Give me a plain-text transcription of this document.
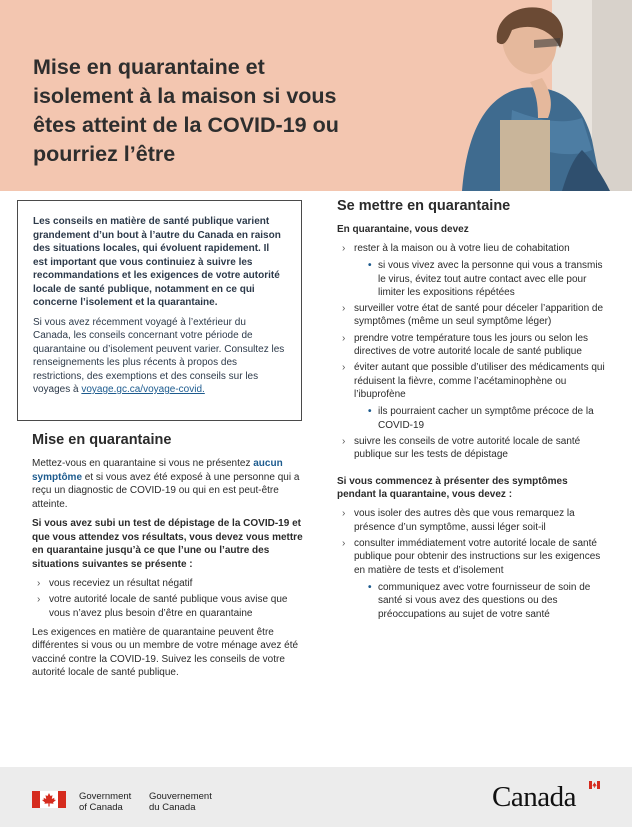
Mise en quarantaine et isolement à la maison si vous êtes atteint de la COVID-19 ou pourriez l’être

Les conseils en matière de santé publique varient grandement d’un bout à l’autre du Canada en raison des situations locales, qui évoluent rapidement. Il est important que vous continuiez à suivre les recommandations et les exigences de votre autorité locale de santé publique, notamment en ce qui concerne l’isolement et la quarantaine.

Si vous avez récemment voyagé à l’extérieur du Canada, les conseils concernant votre période de quarantaine ou d’isolement peuvent varier. Consultez les renseignements les plus récents à propos des restrictions, des exemptions et des conseils sur les voyages à voyage.gc.ca/voyage-covid.

Mise en quarantaine

Mettez-vous en quarantaine si vous ne présentez aucun symptôme et si vous avez été exposé à une personne qui a reçu un diagnostic de COVID-19 ou qui en est peut-être atteinte.

Si vous avez subi un test de dépistage de la COVID-19 et que vous attendez vos résultats, vous devez vous mettre en quarantaine jusqu’à ce que l’une ou l’autre des situations suivantes se présente :

› vous receviez un résultat négatif
› votre autorité locale de santé publique vous avise que vous n’avez plus besoin d’être en quarantaine

Les exigences en matière de quarantaine peuvent être différentes si vous ou un membre de votre ménage avez été vacciné contre la COVID-19. Suivez les conseils de votre autorité locale de santé publique.

Se mettre en quarantaine

En quarantaine, vous devez

› rester à la maison ou à votre lieu de cohabitation
• si vous vivez avec la personne qui vous a transmis le virus, évitez tout autre contact avec elle pour limiter les expositions répétées
› surveiller votre état de santé pour déceler l’apparition de symptômes (même un seul symptôme léger)
› prendre votre température tous les jours ou selon les directives de votre autorité locale de santé publique
› éviter autant que possible d’utiliser des médicaments qui réduisent la fièvre, comme l’acétaminophène ou l’ibuprofène
• ils pourraient cacher un symptôme précoce de la COVID-19
› suivre les conseils de votre autorité locale de santé publique sur les tests de dépistage

Si vous commencez à présenter des symptômes pendant la quarantaine, vous devez :

› vous isoler des autres dès que vous remarquez la présence d’un symptôme, aussi léger soit-il
› consulter immédiatement votre autorité locale de santé publique pour obtenir des instructions sur les exigences en matière de tests et d’isolement
• communiquez avec votre fournisseur de soin de santé si vous avez des questions ou des préoccupations au sujet de votre santé
Government
of Canada
Gouvernement
du Canada	Canada
